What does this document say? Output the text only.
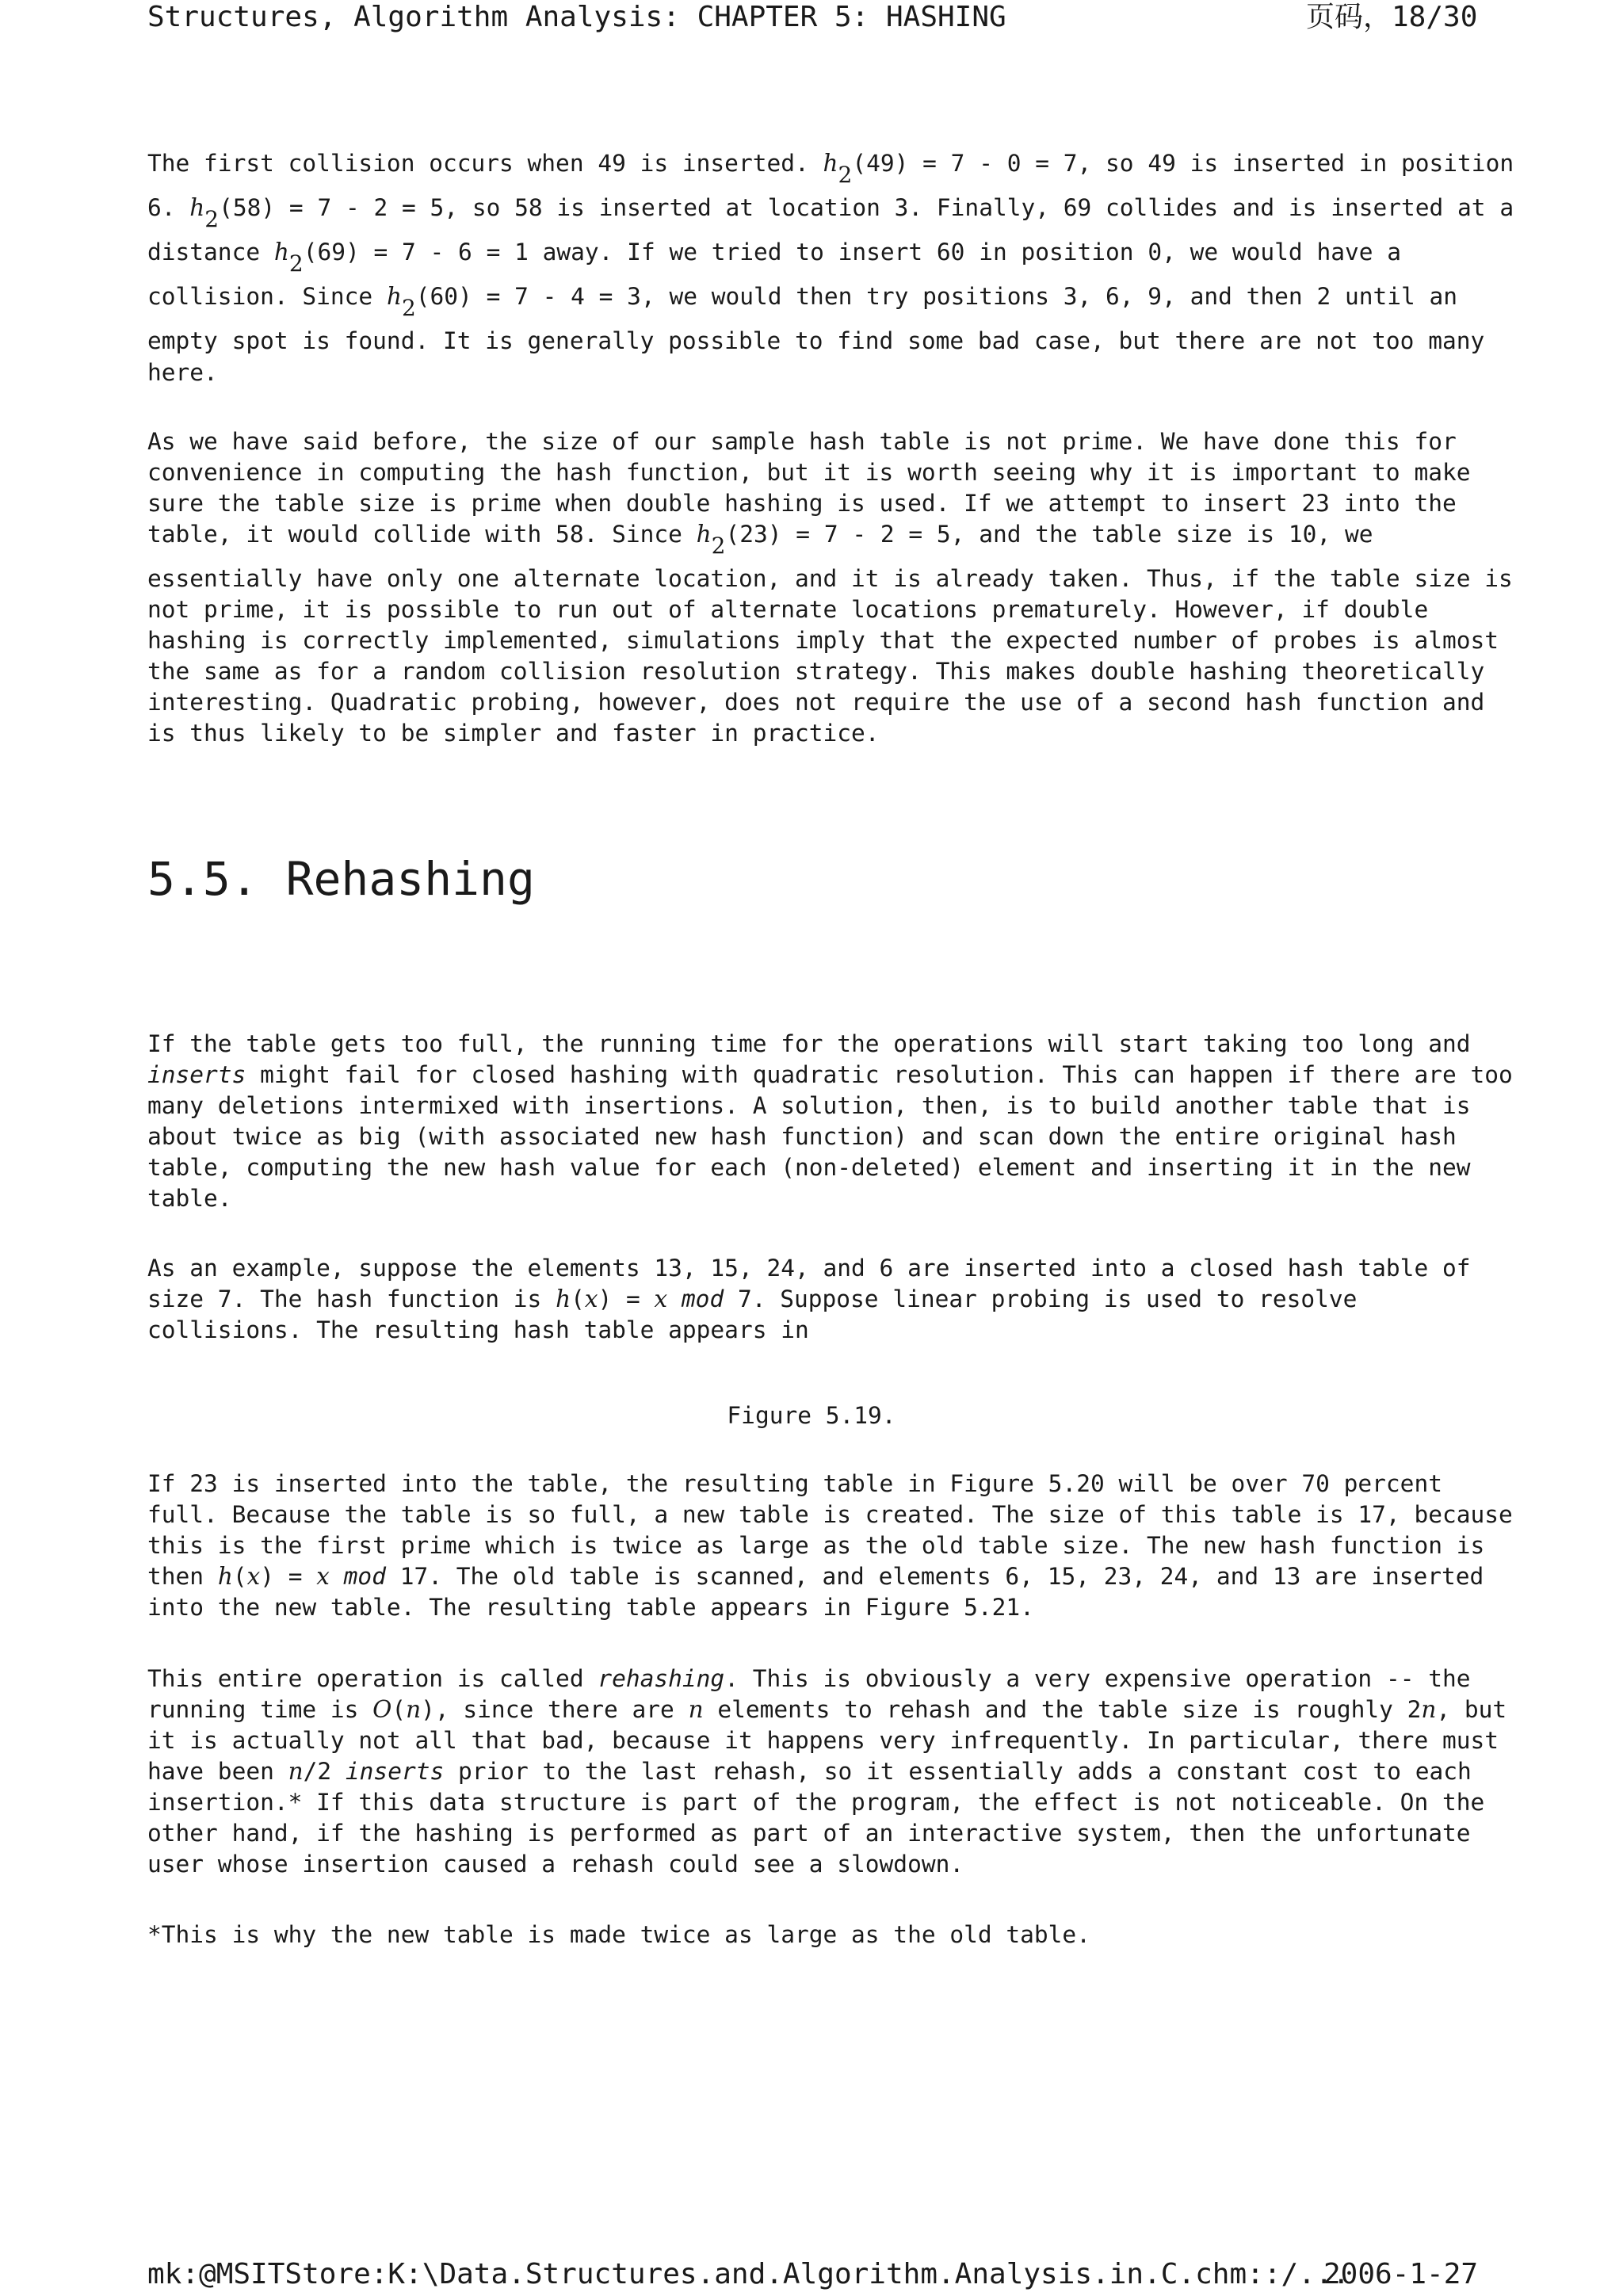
Structures, Algorithm Analysis: CHAPTER 5: HASHING	页码，18/30
The first collision occurs when 49 is inserted. h2(49) = 7 - 0 = 7, so 49 is inserted in position
6. h2(58) = 7 - 2 = 5, so 58 is inserted at location 3. Finally, 69 collides and is inserted at a
distance h2(69) = 7 - 6 = 1 away. If we tried to insert 60 in position 0, we would have a
collision. Since h2(60) = 7 - 4 = 3, we would then try positions 3, 6, 9, and then 2 until an
empty spot is found. It is generally possible to find some bad case, but there are not too many
here.
As we have said before, the size of our sample hash table is not prime. We have done this for
convenience in computing the hash function, but it is worth seeing why it is important to make
sure the table size is prime when double hashing is used. If we attempt to insert 23 into the
table, it would collide with 58. Since h2(23) = 7 - 2 = 5, and the table size is 10, we
essentially have only one alternate location, and it is already taken. Thus, if the table size is
not prime, it is possible to run out of alternate locations prematurely. However, if double
hashing is correctly implemented, simulations imply that the expected number of probes is almost
the same as for a random collision resolution strategy. This makes double hashing theoretically
interesting. Quadratic probing, however, does not require the use of a second hash function and
is thus likely to be simpler and faster in practice.
5.5. Rehashing
If the table gets too full, the running time for the operations will start taking too long and
inserts might fail for closed hashing with quadratic resolution. This can happen if there are too
many deletions intermixed with insertions. A solution, then, is to build another table that is
about twice as big (with associated new hash function) and scan down the entire original hash
table, computing the new hash value for each (non-deleted) element and inserting it in the new
table.
As an example, suppose the elements 13, 15, 24, and 6 are inserted into a closed hash table of
size 7. The hash function is h(x) = x mod 7. Suppose linear probing is used to resolve
collisions. The resulting hash table appears in
Figure 5.19.
If 23 is inserted into the table, the resulting table in Figure 5.20 will be over 70 percent
full. Because the table is so full, a new table is created. The size of this table is 17, because
this is the first prime which is twice as large as the old table size. The new hash function is
then h(x) = x mod 17. The old table is scanned, and elements 6, 15, 23, 24, and 13 are inserted
into the new table. The resulting table appears in Figure 5.21.
This entire operation is called rehashing. This is obviously a very expensive operation -- the
running time is O(n), since there are n elements to rehash and the table size is roughly 2n, but
it is actually not all that bad, because it happens very infrequently. In particular, there must
have been n/2 inserts prior to the last rehash, so it essentially adds a constant cost to each
insertion.* If this data structure is part of the program, the effect is not noticeable. On the
other hand, if the hashing is performed as part of an interactive system, then the unfortunate
user whose insertion caused a rehash could see a slowdown.
*This is why the new table is made twice as large as the old table.
mk:@MSITStore:K:\Data.Structures.and.Algorithm.Analysis.in.C.chm::/...
2006-1-27
